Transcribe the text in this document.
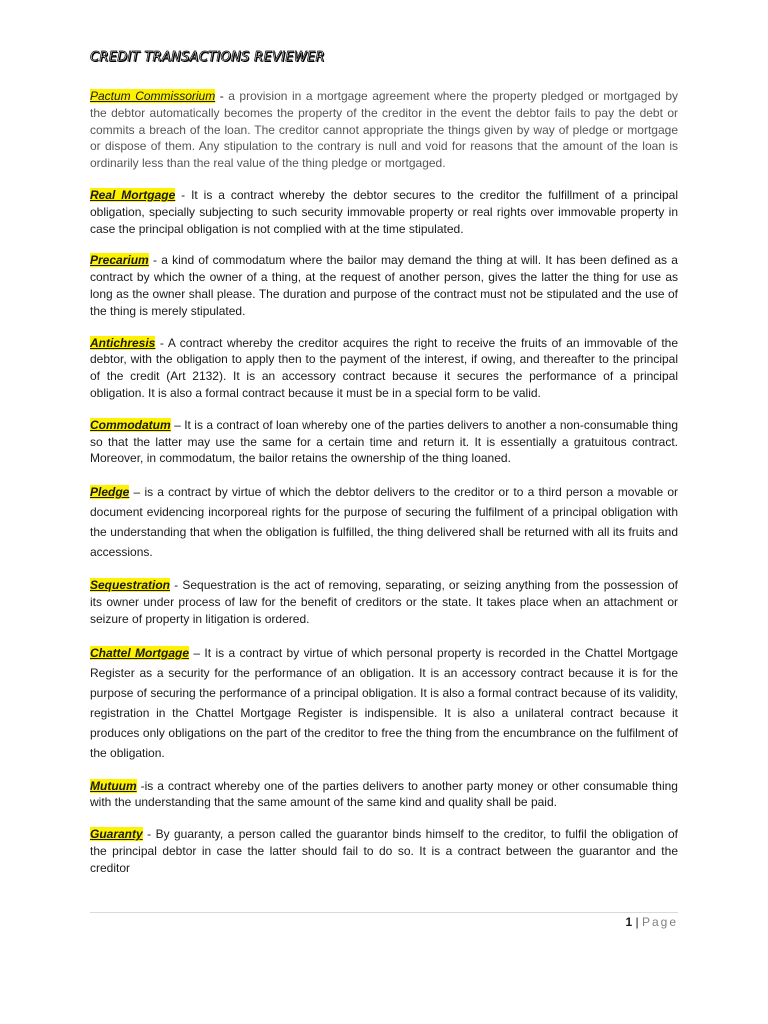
CREDIT TRANSACTIONS REVIEWER

Pactum Commissorium - a provision in a mortgage agreement where the property pledged or mortgaged by the debtor automatically becomes the property of the creditor in the event the debtor fails to pay the debt or commits a breach of the loan. The creditor cannot appropriate the things given by way of pledge or mortgage or dispose of them. Any stipulation to the contrary is null and void for reasons that the amount of the loan is ordinarily less than the real value of the thing pledge or mortgaged.

Real Mortgage - It is a contract whereby the debtor secures to the creditor the fulfillment of a principal obligation, specially subjecting to such security immovable property or real rights over immovable property in case the principal obligation is not complied with at the time stipulated.

Precarium - a kind of commodatum where the bailor may demand the thing at will. It has been defined as a contract by which the owner of a thing, at the request of another person, gives the latter the thing for use as long as the owner shall please. The duration and purpose of the contract must not be stipulated and the use of the thing is merely stipulated.

Antichresis - A contract whereby the creditor acquires the right to receive the fruits of an immovable of the debtor, with the obligation to apply then to the payment of the interest, if owing, and thereafter to the principal of the credit (Art 2132). It is an accessory contract because it secures the performance of a principal obligation. It is also a formal contract because it must be in a special form to be valid.

Commodatum – It is a contract of loan whereby one of the parties delivers to another a non-consumable thing so that the latter may use the same for a certain time and return it. It is essentially a gratuitous contract. Moreover, in commodatum, the bailor retains the ownership of the thing loaned.

Pledge – is a contract by virtue of which the debtor delivers to the creditor or to a third person a movable or document evidencing incorporeal rights for the purpose of securing the fulfilment of a principal obligation with the understanding that when the obligation is fulfilled, the thing delivered shall be returned with all its fruits and accessions.

Sequestration - Sequestration is the act of removing, separating, or seizing anything from the possession of its owner under process of law for the benefit of creditors or the state. It takes place when an attachment or seizure of property in litigation is ordered.

Chattel Mortgage – It is a contract by virtue of which personal property is recorded in the Chattel Mortgage Register as a security for the performance of an obligation. It is an accessory contract because it is for the purpose of securing the performance of a principal obligation. It is also a formal contract because of its validity, registration in the Chattel Mortgage Register is indispensible. It is also a unilateral contract because it produces only obligations on the part of the creditor to free the thing from the encumbrance on the fulfilment of the obligation.

Mutuum -is a contract whereby one of the parties delivers to another party money or other consumable thing with the understanding that the same amount of the same kind and quality shall be paid.

Guaranty - By guaranty, a person called the guarantor binds himself to the creditor, to fulfil the obligation of the principal debtor in case the latter should fail to do so. It is a contract between the guarantor and the creditor

1 | Page
